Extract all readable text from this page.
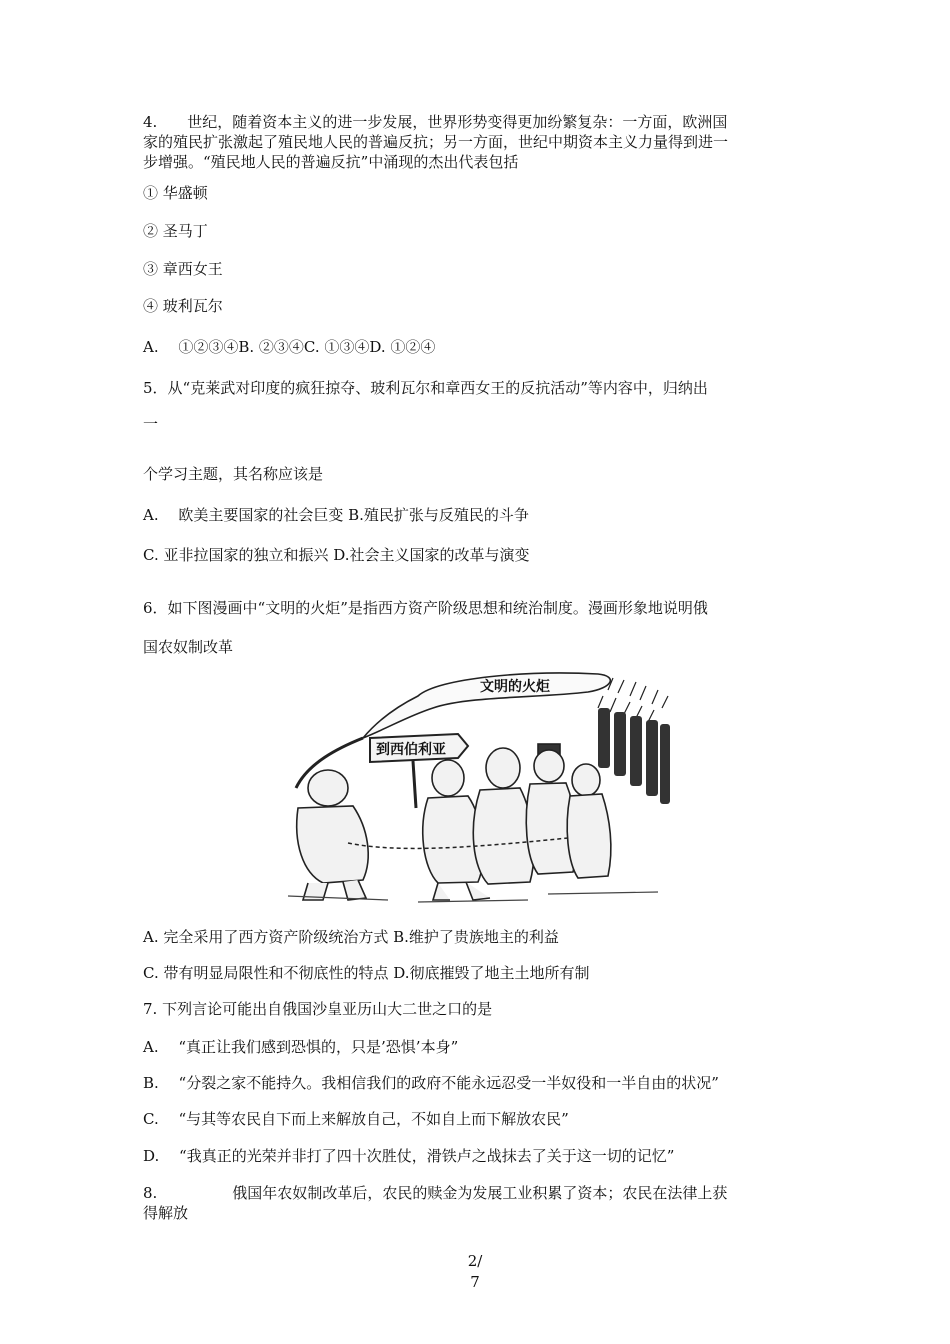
4.　　世纪，随着资本主义的进一步发展，世界形势变得更加纷繁复杂：一方面，欧洲国
家的殖民扩张激起了殖民地人民的普遍反抗；另一方面，世纪中期资本主义力量得到进一
步增强。“殖民地人民的普遍反抗”中涌现的杰出代表包括
① 华盛顿
② 圣马丁
③ 章西女王
④ 玻利瓦尔
A.　 ①②③④B. ②③④C. ①③④D. ①②④
5．从“克莱武对印度的疯狂掠夺、玻利瓦尔和章西女王的反抗活动”等内容中，归纳出
一
个学习主题，其名称应该是
A.　 欧美主要国家的社会巨变 B.殖民扩张与反殖民的斗争
C. 亚非拉国家的独立和振兴 D.社会主义国家的改革与演变
6．如下图漫画中“文明的火炬”是指西方资产阶级思想和统治制度。漫画形象地说明俄
国农奴制改革
文明的火炬
到西伯利亚
A. 完全采用了西方资产阶级统治方式 B.维护了贵族地主的利益
C. 带有明显局限性和不彻底性的特点 D.彻底摧毁了地主土地所有制
7. 下列言论可能出自俄国沙皇亚历山大二世之口的是
A.　 “真正让我们感到恐惧的，只是’恐惧’本身”
B.　 “分裂之家不能持久。我相信我们的政府不能永远忍受一半奴役和一半自由的状况”
C.　 “与其等农民自下而上来解放自己，不如自上而下解放农民”
D.　 “我真正的光荣并非打了四十次胜仗，滑铁卢之战抹去了关于这一切的记忆”
8.　　　　　俄国年农奴制改革后，农民的赎金为发展工业积累了资本；农民在法律上获
得解放
2/
7
